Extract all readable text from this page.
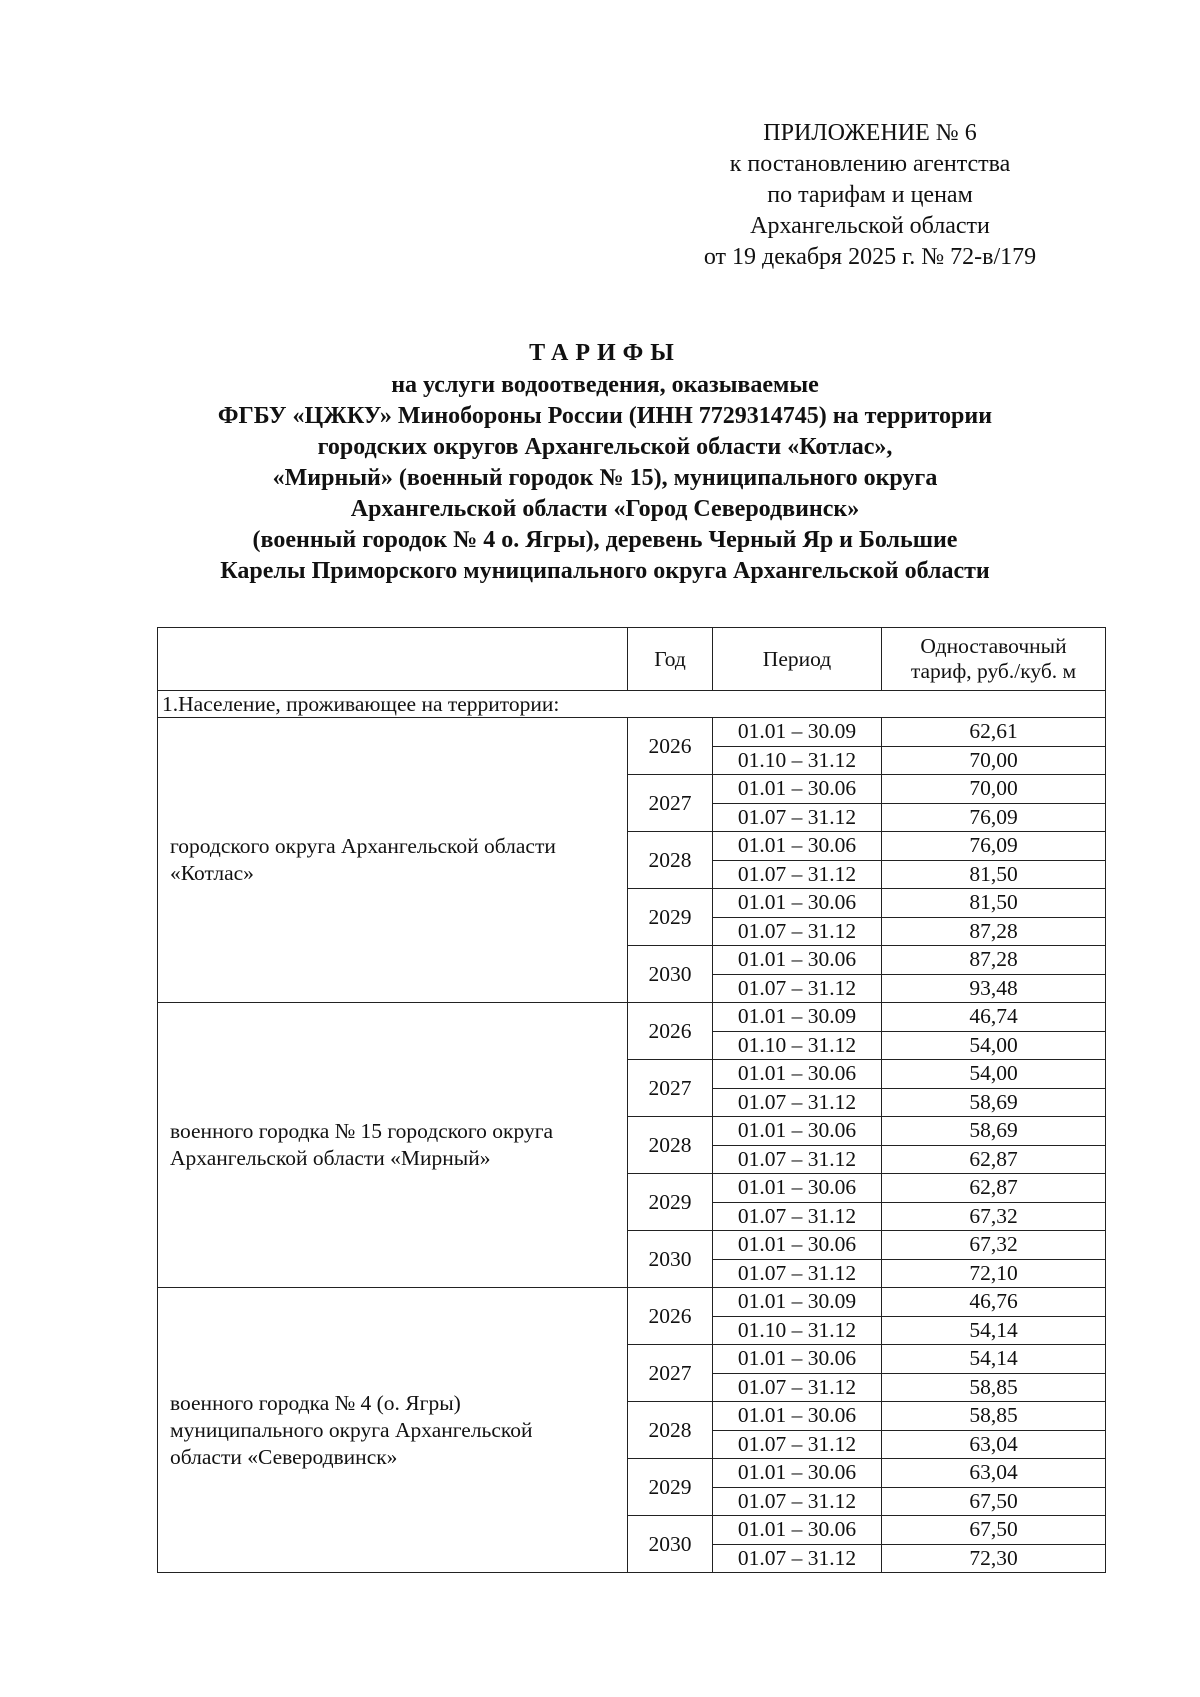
ПРИЛОЖЕНИЕ № 6
к постановлению агентства
по тарифам и ценам
Архангельской области
от 19 декабря 2025 г. № 72-в/179
ТАРИФЫ
на услуги водоотведения, оказываемые
ФГБУ «ЦЖКУ» Минобороны России (ИНН 7729314745) на территории
городских округов Архангельской области «Котлас»,
«Мирный» (военный городок № 15), муниципального округа
Архангельской области «Город Северодвинск»
(военный городок № 4 о. Ягры), деревень Черный Яр и Большие
Карелы Приморского муниципального округа Архангельской области
	Год	Период	Одноставочный
тариф, руб./куб. м

1.Население, проживающее на территории:			

городского округа Архангельской области
«Котлас»	2026	01.01 – 30.09	62,61
		01.10 – 31.12	70,00
	2027	01.01 – 30.06	70,00
		01.07 – 31.12	76,09
	2028	01.01 – 30.06	76,09
		01.07 – 31.12	81,50
	2029	01.01 – 30.06	81,50
		01.07 – 31.12	87,28
	2030	01.01 – 30.06	87,28
		01.07 – 31.12	93,48

военного городка № 15 городского округа
Архангельской области «Мирный»	2026	01.01 – 30.09	46,74
		01.10 – 31.12	54,00
	2027	01.01 – 30.06	54,00
		01.07 – 31.12	58,69
	2028	01.01 – 30.06	58,69
		01.07 – 31.12	62,87
	2029	01.01 – 30.06	62,87
		01.07 – 31.12	67,32
	2030	01.01 – 30.06	67,32
		01.07 – 31.12	72,10

военного городка № 4 (о. Ягры)
муниципального округа Архангельской
области «Северодвинск»	2026	01.01 – 30.09	46,76
		01.10 – 31.12	54,14
	2027	01.01 – 30.06	54,14
		01.07 – 31.12	58,85
	2028	01.01 – 30.06	58,85
		01.07 – 31.12	63,04
	2029	01.01 – 30.06	63,04
		01.07 – 31.12	67,50
	2030	01.01 – 30.06	67,50
		01.07 – 31.12	72,30
